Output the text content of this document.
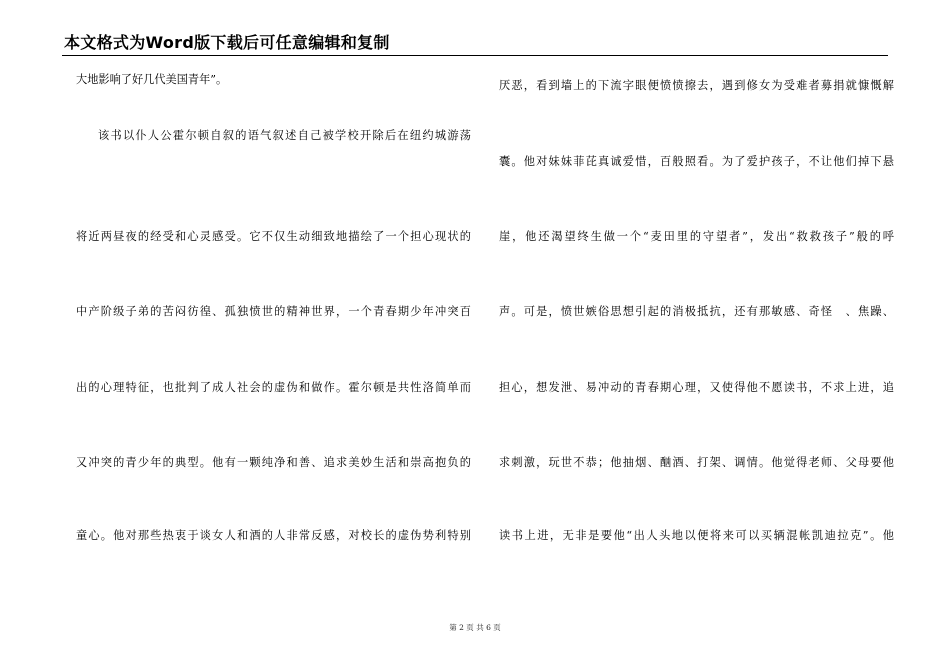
本文格式为Word版下载后可任意编辑和复制
大地影响了好几代美国青年”。
该书以仆人公霍尔顿自叙的语气叙述自己被学校开除后在纽约城游荡
将近两昼夜的经受和心灵感受。它不仅生动细致地描绘了一个担心现状的
中产阶级子弟的苦闷彷徨、孤独愤世的精神世界，一个青春期少年冲突百
出的心理特征，也批判了成人社会的虚伪和做作。霍尔顿是共性洛简单而
又冲突的青少年的典型。他有一颗纯净和善、追求美妙生活和崇高抱负的
童心。他对那些热衷于谈女人和酒的人非常反感，对校长的虚伪势利特别
厌恶，看到墙上的下流字眼便愤愤擦去，遇到修女为受难者募捐就慷慨解
囊。他对妹妹菲芘真诚爱惜，百般照看。为了爱护孩子，不让他们掉下悬
崖，他还渴望终生做一个“麦田里的守望者”，发出“救救孩子”般的呼
声。可是，愤世嫉俗思想引起的消极抵抗，还有那敏感、奇怪　、焦躁、
担心，想发泄、易冲动的青春期心理，又使得他不愿读书，不求上进，追
求刺激，玩世不恭；他抽烟、酗酒、打架、调情。他觉得老师、父母要他
读书上进，无非是要他“出人头地以便将来可以买辆混帐凯迪拉克”。他
第 2 页 共 6 页
